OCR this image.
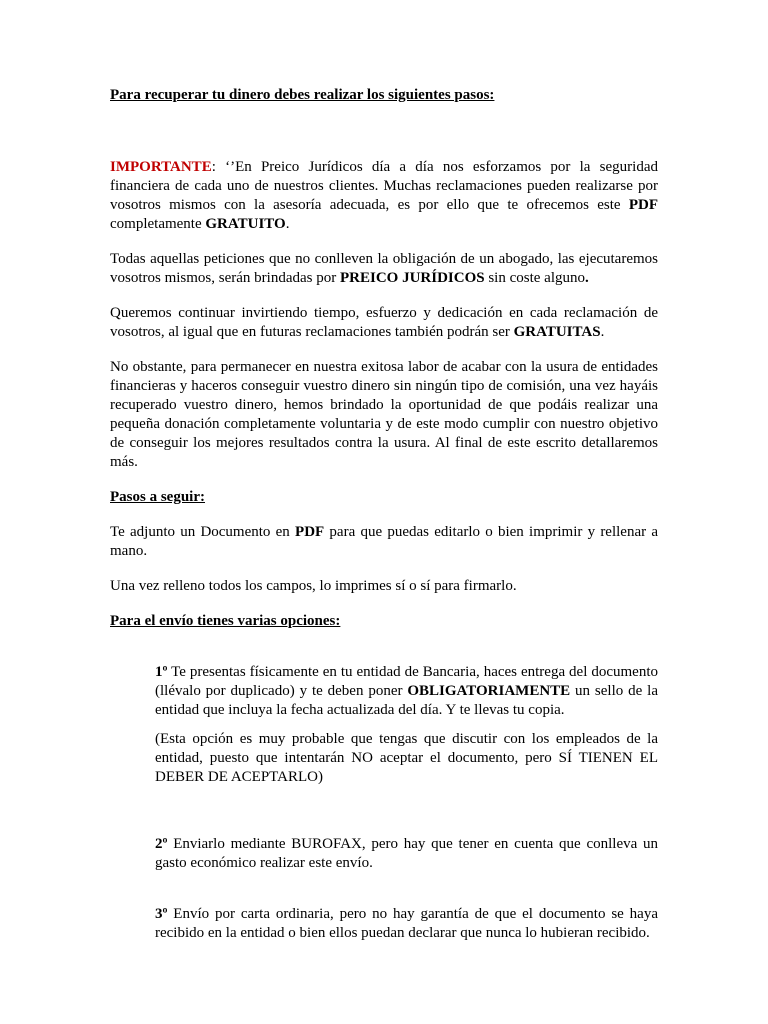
Para recuperar tu dinero debes realizar los siguientes pasos:

IMPORTANTE: ‘’En Preico Jurídicos día a día nos esforzamos por la seguridad financiera de cada uno de nuestros clientes. Muchas reclamaciones pueden realizarse por vosotros mismos con la asesoría adecuada, es por ello que te ofrecemos este PDF completamente GRATUITO.

Todas aquellas peticiones que no conlleven la obligación de un abogado, las ejecutaremos vosotros mismos, serán brindadas por PREICO JURÍDICOS sin coste alguno.

Queremos continuar invirtiendo tiempo, esfuerzo y dedicación en cada reclamación de vosotros, al igual que en futuras reclamaciones también podrán ser GRATUITAS.

No obstante, para permanecer en nuestra exitosa labor de acabar con la usura de entidades financieras y haceros conseguir vuestro dinero sin ningún tipo de comisión, una vez hayáis recuperado vuestro dinero, hemos brindado la oportunidad de que podáis realizar una pequeña donación completamente voluntaria y de este modo cumplir con nuestro objetivo de conseguir los mejores resultados contra la usura. Al final de este escrito detallaremos más.

Pasos a seguir:

Te adjunto un Documento en PDF para que puedas editarlo o bien imprimir y rellenar a mano.

Una vez relleno todos los campos, lo imprimes sí o sí para firmarlo.

Para el envío tienes varias opciones:

1º Te presentas físicamente en tu entidad de Bancaria, haces entrega del documento (llévalo por duplicado) y te deben poner OBLIGATORIAMENTE un sello de la entidad que incluya la fecha actualizada del día. Y te llevas tu copia.

(Esta opción es muy probable que tengas que discutir con los empleados de la entidad, puesto que intentarán NO aceptar el documento, pero SÍ TIENEN EL DEBER DE ACEPTARLO)

2º Enviarlo mediante BUROFAX, pero hay que tener en cuenta que conlleva un gasto económico realizar este envío.

3º Envío por carta ordinaria, pero no hay garantía de que el documento se haya recibido en la entidad o bien ellos puedan declarar que nunca lo hubieran recibido.
